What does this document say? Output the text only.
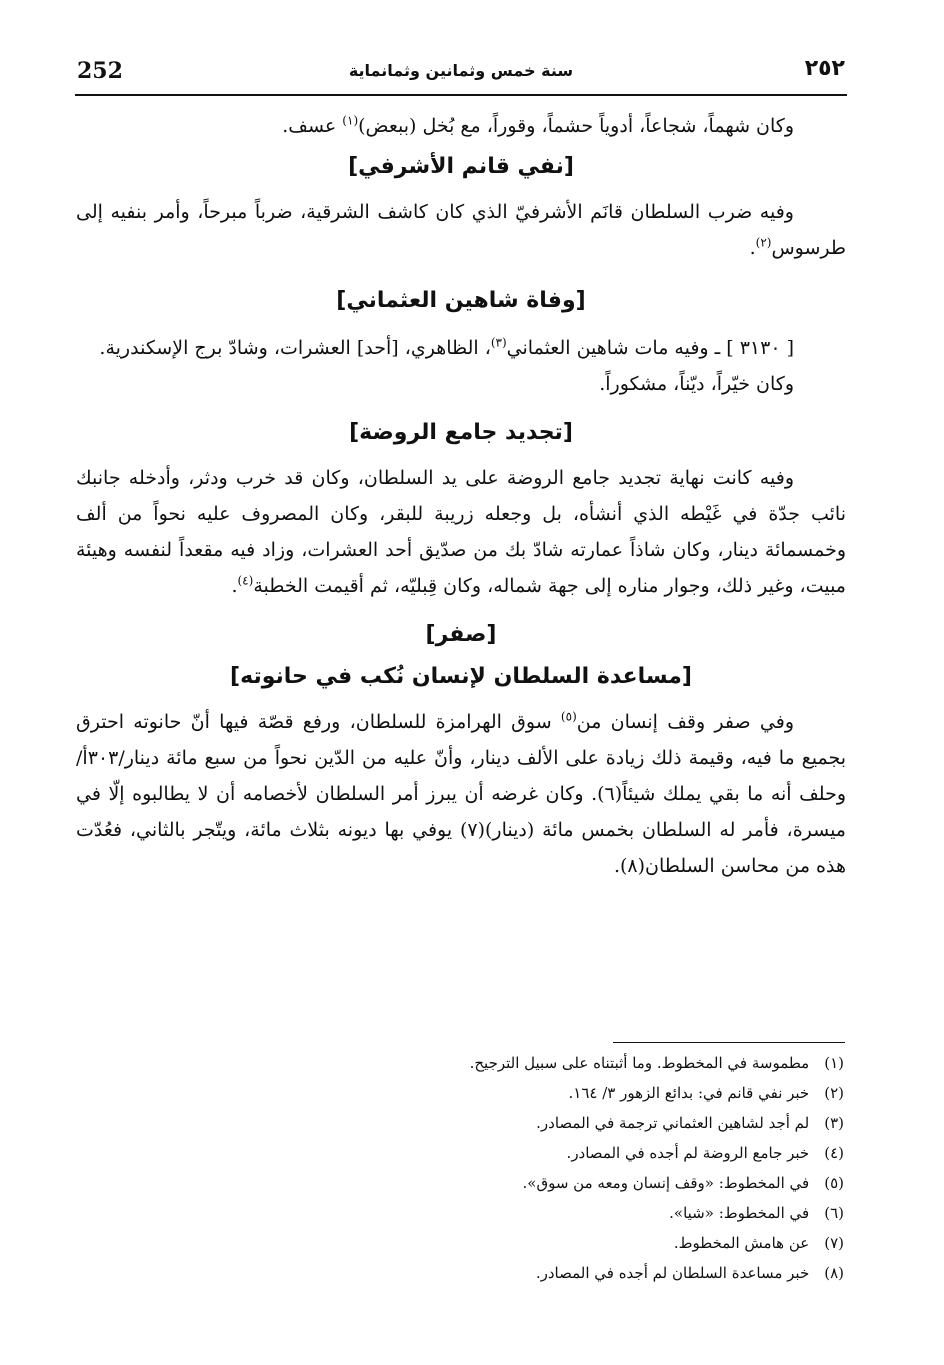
252	سنة خمس وثمانين وثمانماية	٢٥٢

وكان شهماً، شجاعاً، أدوياً حشماً، وقوراً، مع بُخل (ببعض)$^{(١)}$ عسف.

[نفي قانم الأشرفي]

وفيه ضرب السلطان قانَم الأشرفيّ الذي كان كاشف الشرقية، ضرباً مبرحاً، وأمر بنفيه إلى طرسوس$^{(٢)}$.

[وفاة شاهين العثماني]

[ ٣١٣٠ ] ـ وفيه مات شاهين العثماني$^{(٣)}$، الظاهري، [أحد] العشرات، وشادّ برج الإسكندرية.

وكان خيّراً، ديّناً، مشكوراً.

[تجديد جامع الروضة]

وفيه كانت نهاية تجديد جامع الروضة على يد السلطان، وكان قد خرب ودثر، وأدخله جانبك نائب جدّة في غَيْطه الذي أنشأه، بل وجعله زريبة للبقر، وكان المصروف عليه نحواً من ألف وخمسمائة دينار، وكان شاذاً عمارته شادّ بك من صدّيق أحد العشرات، وزاد فيه مقعداً لنفسه وهيئة مبيت، وغير ذلك، وجوار مناره إلى جهة شماله، وكان قِبليّه، ثم أقيمت الخطبة$^{(٤)}$.

[صفر]
[مساعدة السلطان لإنسان نُكب في حانوته]

وفي صفر وقف إنسان من$^{(٥)}$ سوق الهرامزة للسلطان، ورفع قصّة فيها أنّ حانوته احترق بجميع ما فيه، وقيمة ذلك زيادة على الألف دينار، وأنّ عليه من الدّين نحواً من سبع مائة دينار/٣٠٣أ/ وحلف أنه ما بقي يملك شيئاً(٦). وكان غرضه أن يبرز أمر السلطان لأخصامه أن لا يطالبوه إلّا في ميسرة، فأمر له السلطان بخمس مائة (دينار)(٧) يوفي بها ديونه بثلاث مائة، ويتّجر بالثاني، فعُدّت هذه من محاسن السلطان(٨).

(١) مطموسة في المخطوط. وما أثبتناه على سبيل الترجيح.
(٢) خبر نفي قانم في: بدائع الزهور ٣/ ١٦٤.
(٣) لم أجد لشاهين العثماني ترجمة في المصادر.
(٤) خبر جامع الروضة لم أجده في المصادر.
(٥) في المخطوط: «وقف إنسان ومعه من سوق».
(٦) في المخطوط: «شيا».
(٧) عن هامش المخطوط.
(٨) خبر مساعدة السلطان لم أجده في المصادر.
